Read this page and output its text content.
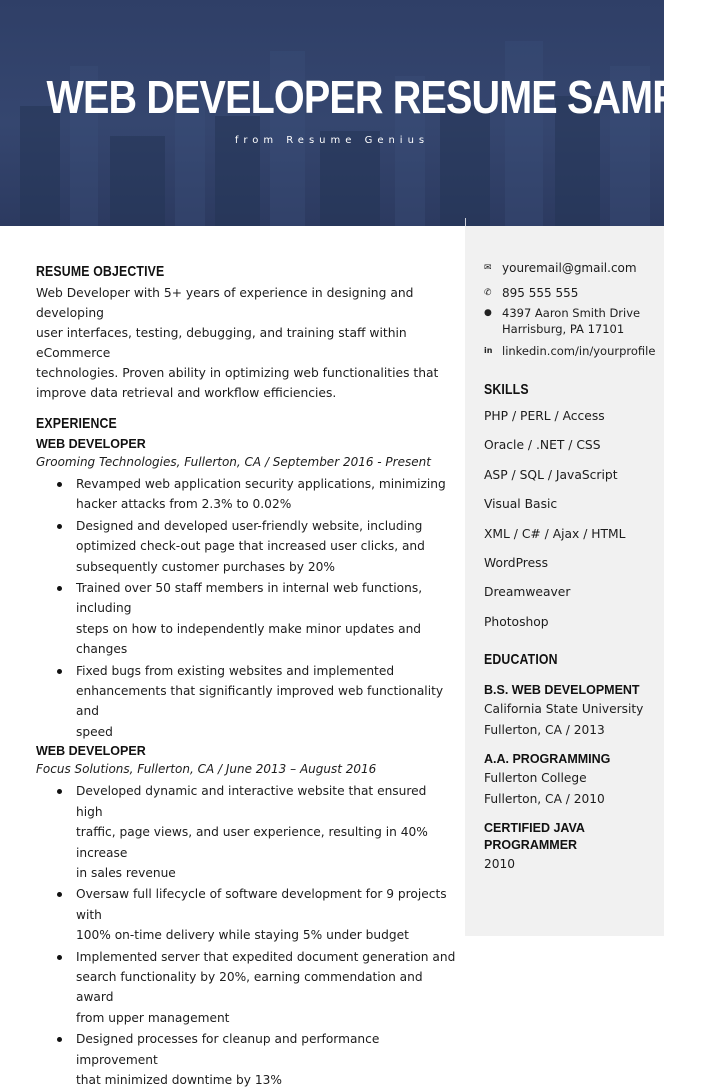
WEB DEVELOPER RESUME SAMPLE
from Resume Genius
RESUME OBJECTIVE
Web Developer with 5+ years of experience in designing and developing
user interfaces, testing, debugging, and training staff within eCommerce
technologies. Proven ability in optimizing web functionalities that
improve data retrieval and workflow efficiencies.
EXPERIENCE
WEB DEVELOPER
Grooming Technologies, Fullerton, CA / September 2016 - Present
Revamped web application security applications, minimizing
hacker attacks from 2.3% to 0.02%
Designed and developed user-friendly website, including
optimized check-out page that increased user clicks, and
subsequently customer purchases by 20%
Trained over 50 staff members in internal web functions, including
steps on how to independently make minor updates and changes
Fixed bugs from existing websites and implemented
enhancements that significantly improved web functionality and
speed
WEB DEVELOPER
Focus Solutions, Fullerton, CA / June 2013 – August 2016
Developed dynamic and interactive website that ensured high
traffic, page views, and user experience, resulting in 40% increase
in sales revenue
Oversaw full lifecycle of software development for 9 projects with
100% on-time delivery while staying 5% under budget
Implemented server that expedited document generation and
search functionality by 20%, earning commendation and award
from upper management
Designed processes for cleanup and performance improvement
that minimized downtime by 13%
✉ youremail@gmail.com
✆ 895 555 555
● 4397 Aaron Smith Drive
Harrisburg, PA 17101
in linkedin.com/in/yourprofile
SKILLS
PHP / PERL / Access
Oracle / .NET / CSS
ASP / SQL / JavaScript
Visual Basic
XML / C# / Ajax / HTML
WordPress
Dreamweaver
Photoshop
EDUCATION
B.S. WEB DEVELOPMENT
California State University
Fullerton, CA / 2013
A.A. PROGRAMMING
Fullerton College
Fullerton, CA / 2010
CERTIFIED JAVA
PROGRAMMER
2010
